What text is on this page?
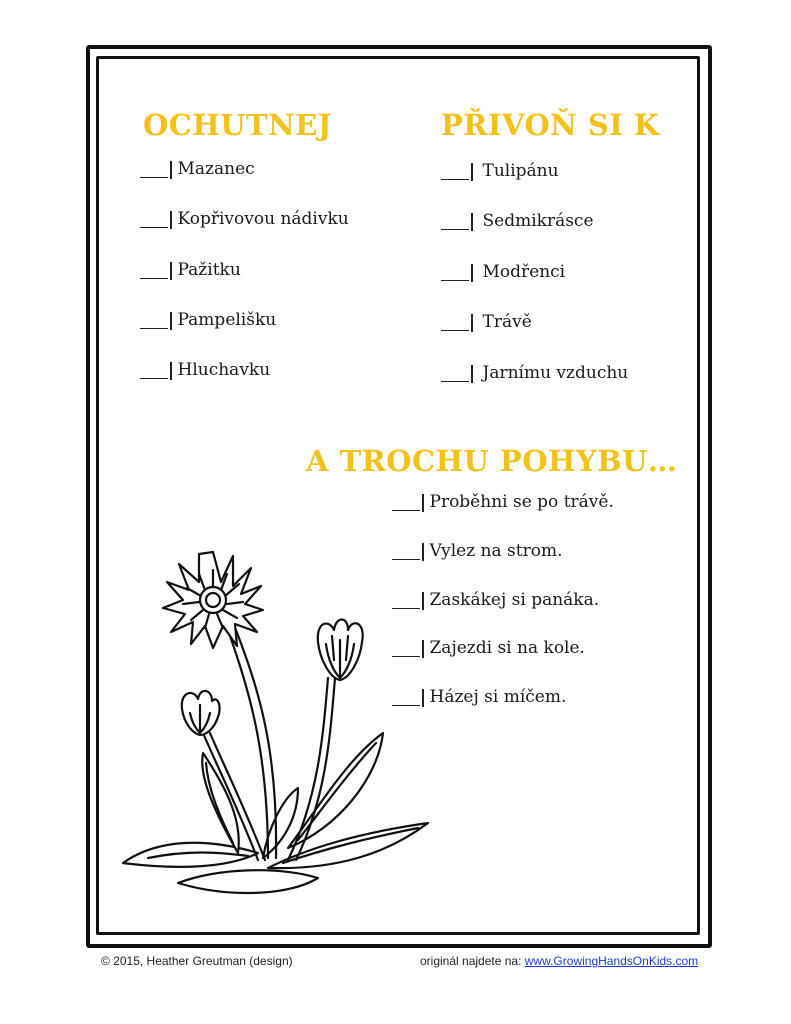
OCHUTNEJ
Mazanec
Kopřivovou nádivku
Pažitku
Pampelišku
Hluchavku
PŘIVOŇ SI K
Tulipánu
Sedmikrásce
Modřenci
Trávě
Jarnímu vzduchu
A TROCHU POHYBU…
Proběhni se po trávě.
Vylez na strom.
Zaskákej si panáka.
Zajezdi si na kole.
Házej si míčem.
© 2015, Heather Greutman (design)	originál najdete na: www.GrowingHandsOnKids.com
